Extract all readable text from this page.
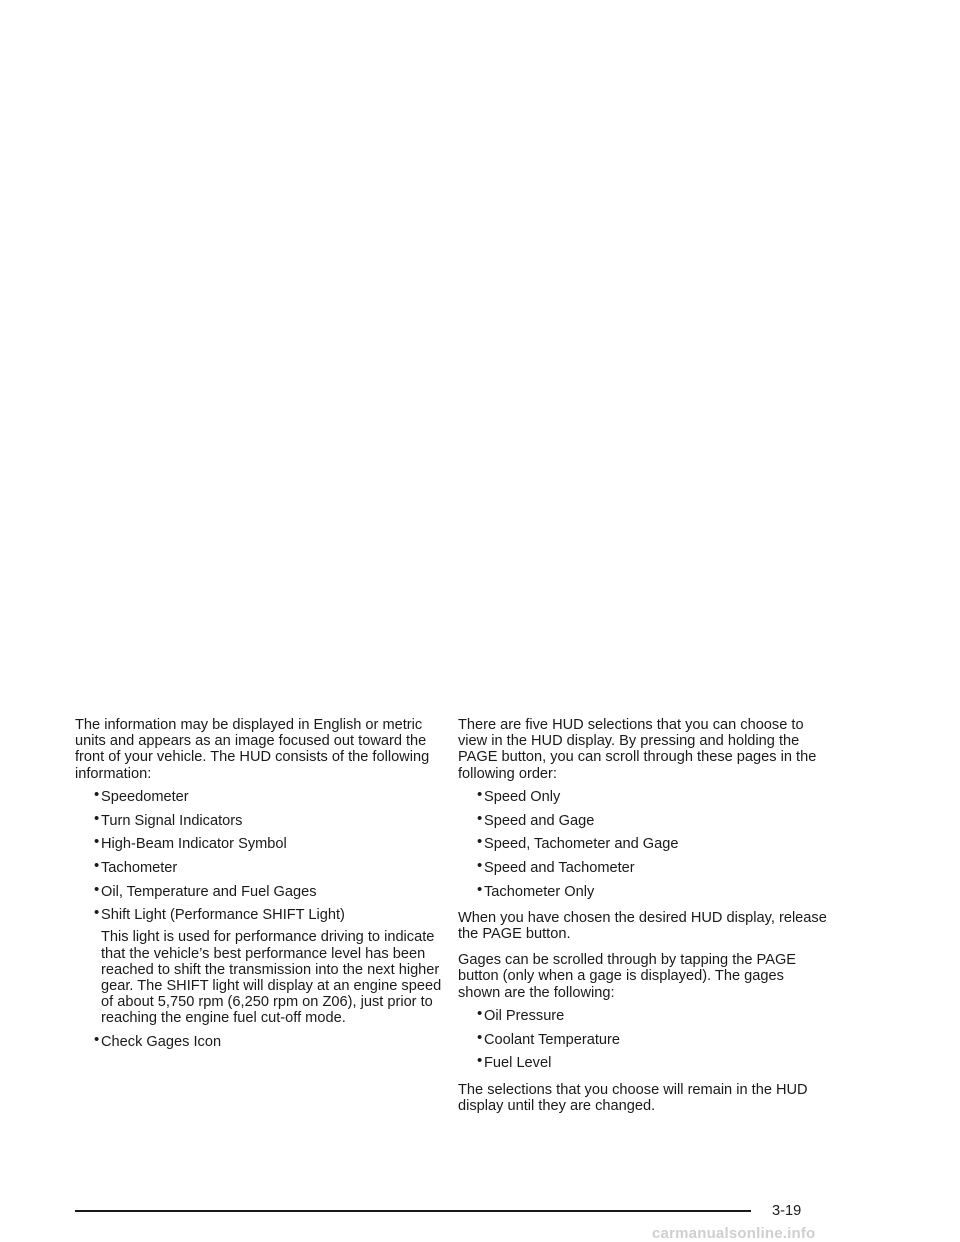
The information may be displayed in English or metric units and appears as an image focused out toward the front of your vehicle. The HUD consists of the following information:

• Speedometer
• Turn Signal Indicators
• High-Beam Indicator Symbol
• Tachometer
• Oil, Temperature and Fuel Gages
• Shift Light (Performance SHIFT Light)
This light is used for performance driving to indicate that the vehicle’s best performance level has been reached to shift the transmission into the next higher gear. The SHIFT light will display at an engine speed of about 5,750 rpm (6,250 rpm on Z06), just prior to reaching the engine fuel cut-off mode.
• Check Gages Icon

There are five HUD selections that you can choose to view in the HUD display. By pressing and holding the PAGE button, you can scroll through these pages in the following order:

• Speed Only
• Speed and Gage
• Speed, Tachometer and Gage
• Speed and Tachometer
• Tachometer Only

When you have chosen the desired HUD display, release the PAGE button.

Gages can be scrolled through by tapping the PAGE button (only when a gage is displayed). The gages shown are the following:

• Oil Pressure
• Coolant Temperature
• Fuel Level

The selections that you choose will remain in the HUD display until they are changed.

3-19
carmanualsonline.info
